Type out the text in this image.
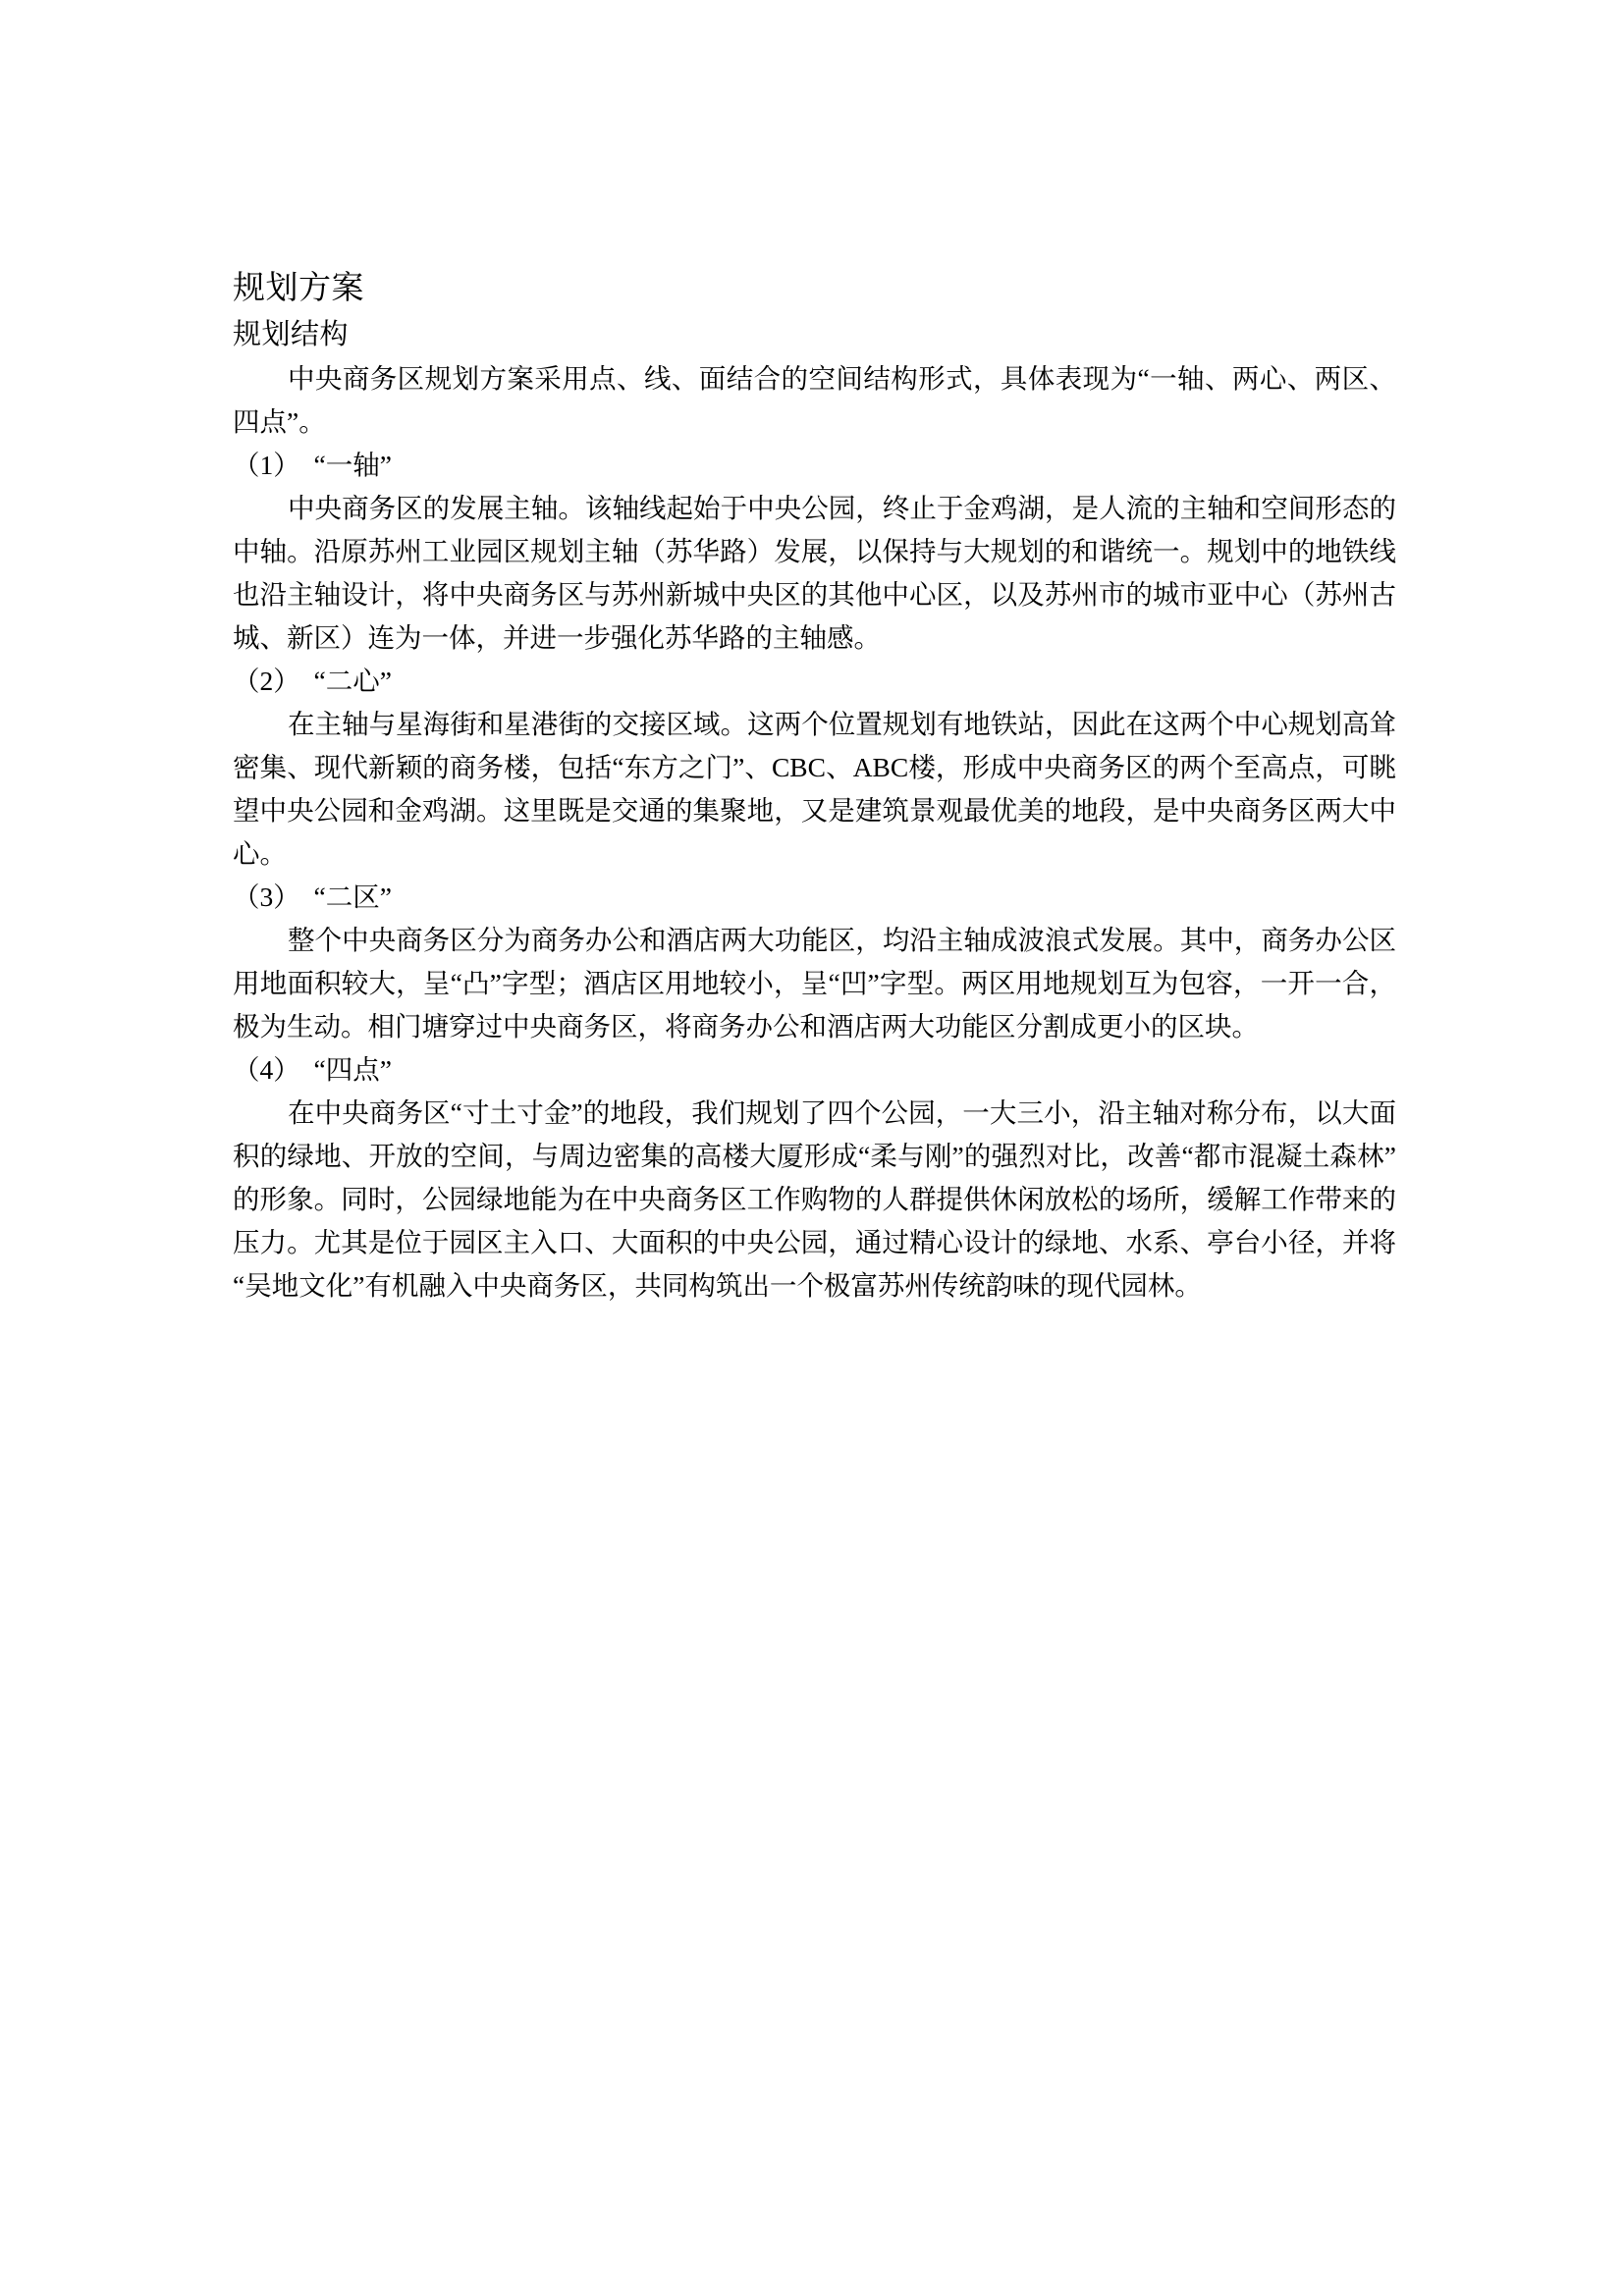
规划方案
规划结构

中央商务区规划方案采用点、线、面结合的空间结构形式，具体表现为“一轴、两心、两区、四点”。

（1）　“一轴”

中央商务区的发展主轴。该轴线起始于中央公园，终止于金鸡湖，是人流的主轴和空间形态的中轴。沿原苏州工业园区规划主轴（苏华路）发展，以保持与大规划的和谐统一。规划中的地铁线也沿主轴设计，将中央商务区与苏州新城中央区的其他中心区，以及苏州市的城市亚中心（苏州古城、新区）连为一体，并进一步强化苏华路的主轴感。

（2）　“二心”

在主轴与星海街和星港街的交接区域。这两个位置规划有地铁站，因此在这两个中心规划高耸密集、现代新颖的商务楼，包括“东方之门”、CBC、ABC楼，形成中央商务区的两个至高点，可眺望中央公园和金鸡湖。这里既是交通的集聚地，又是建筑景观最优美的地段，是中央商务区两大中心。

（3）　“二区”

整个中央商务区分为商务办公和酒店两大功能区，均沿主轴成波浪式发展。其中，商务办公区用地面积较大，呈“凸”字型；酒店区用地较小，呈“凹”字型。两区用地规划互为包容，一开一合，极为生动。相门塘穿过中央商务区，将商务办公和酒店两大功能区分割成更小的区块。

（4）　“四点”

在中央商务区“寸土寸金”的地段，我们规划了四个公园，一大三小，沿主轴对称分布，以大面积的绿地、开放的空间，与周边密集的高楼大厦形成“柔与刚”的强烈对比，改善“都市混凝土森林”的形象。同时，公园绿地能为在中央商务区工作购物的人群提供休闲放松的场所，缓解工作带来的压力。尤其是位于园区主入口、大面积的中央公园，通过精心设计的绿地、水系、亭台小径，并将“吴地文化”有机融入中央商务区，共同构筑出一个极富苏州传统韵味的现代园林。
